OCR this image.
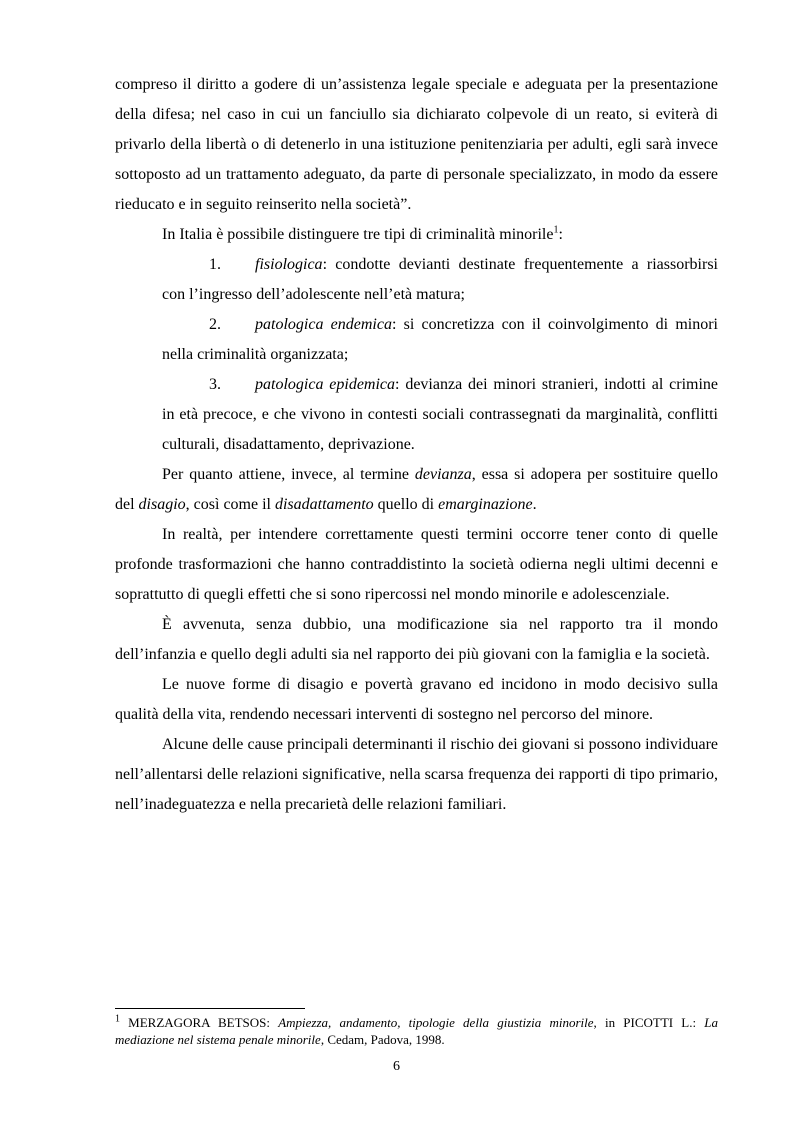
compreso il diritto a godere di un’assistenza legale speciale e adeguata per la presentazione della difesa; nel caso in cui un fanciullo sia dichiarato colpevole di un reato, si eviterà di privarlo della libertà o di detenerlo in una istituzione penitenziaria per adulti, egli sarà invece sottoposto ad un trattamento adeguato, da parte di personale specializzato, in modo da essere rieducato e in seguito reinserito nella società”.

In Italia è possibile distinguere tre tipi di criminalità minorile$^1$:

1. fisiologica: condotte devianti destinate frequentemente a riassorbirsi con l’ingresso dell’adolescente nell’età matura;

2. patologica endemica: si concretizza con il coinvolgimento di minori nella criminalità organizzata;

3. patologica epidemica: devianza dei minori stranieri, indotti al crimine in età precoce, e che vivono in contesti sociali contrassegnati da marginalità, conflitti culturali, disadattamento, deprivazione.

Per quanto attiene, invece, al termine devianza, essa si adopera per sostituire quello del disagio, così come il disadattamento quello di emarginazione.

In realtà, per intendere correttamente questi termini occorre tener conto di quelle profonde trasformazioni che hanno contraddistinto la società odierna negli ultimi decenni e soprattutto di quegli effetti che si sono ripercossi nel mondo minorile e adolescenziale.

È avvenuta, senza dubbio, una modificazione sia nel rapporto tra il mondo dell’infanzia e quello degli adulti sia nel rapporto dei più giovani con la famiglia e la società.

Le nuove forme di disagio e povertà gravano ed incidono in modo decisivo sulla qualità della vita, rendendo necessari interventi di sostegno nel percorso del minore.

Alcune delle cause principali determinanti il rischio dei giovani si possono individuare nell’allentarsi delle relazioni significative, nella scarsa frequenza dei rapporti di tipo primario, nell’inadeguatezza e nella precarietà delle relazioni familiari.

$^1$ MERZAGORA BETSOS: Ampiezza, andamento, tipologie della giustizia minorile, in PICOTTI L.: La mediazione nel sistema penale minorile, Cedam, Padova, 1998.

6
